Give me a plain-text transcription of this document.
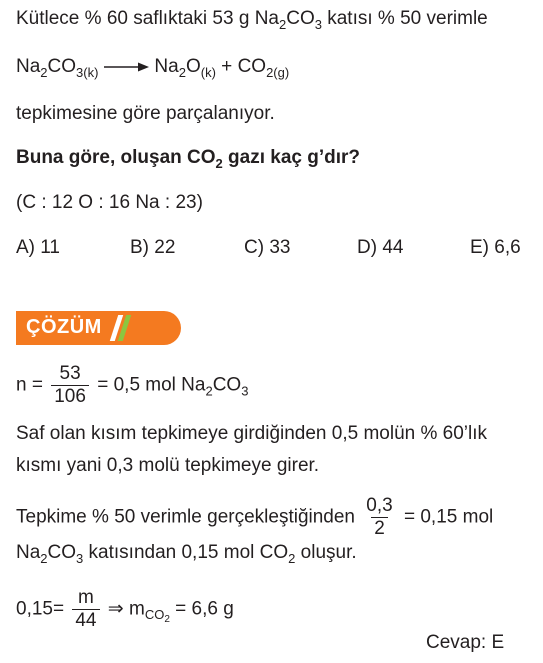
Kütlece % 60 saflıktaki 53 g $Na_2CO_3$ katısı % 50 verimle
$Na_2CO_{3(k)} \to Na_2O_{(k)} + CO_{2(g)}$
tepkimesine göre parçalanıyor.
Buna göre, oluşan $CO_2$ gazı kaç g’dır?
(C : 12 O : 16 Na : 23)
A) 11	B) 22	C) 33	D) 44	E) 6,6
ÇÖZÜM
$n = \frac{53}{106} = 0,5$ mol $Na_2CO_3$
Saf olan kısım tepkimeye girdiğinden 0,5 molün % 60’lık
kısmı yani 0,3 molü tepkimeye girer.
Tepkime % 50 verimle gerçekleştiğinden $\frac{0,3}{2} = 0,15$ mol
$Na_2CO_3$ katısından 0,15 mol $CO_2$ oluşur.
$0,15= \frac{m}{44}$ ⇒ $m_{CO_2} = 6,6$ g
Cevap: E
